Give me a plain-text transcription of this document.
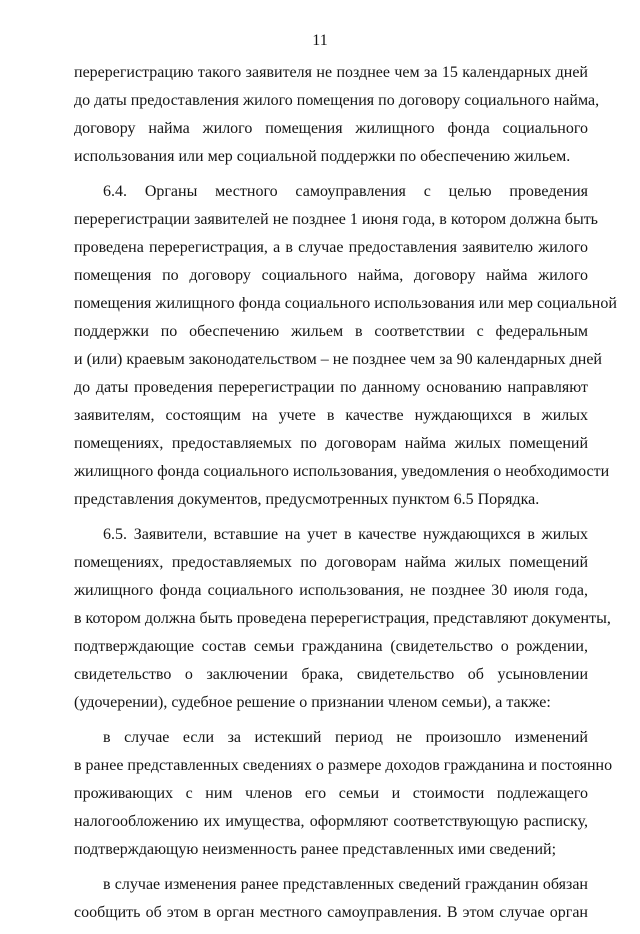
11
перерегистрацию такого заявителя не позднее чем за 15 календарных дней
до даты предоставления жилого помещения по договору социального найма,
договору найма жилого помещения жилищного фонда социального
использования или мер социальной поддержки по обеспечению жильем.
6.4. Органы местного самоуправления с целью проведения
перерегистрации заявителей не позднее 1 июня года, в котором должна быть
проведена перерегистрация, а в случае предоставления заявителю жилого
помещения по договору социального найма, договору найма жилого
помещения жилищного фонда социального использования или мер социальной
поддержки по обеспечению жильем в соответствии с федеральным
и (или) краевым законодательством – не позднее чем за 90 календарных дней
до даты проведения перерегистрации по данному основанию направляют
заявителям, состоящим на учете в качестве нуждающихся в жилых
помещениях, предоставляемых по договорам найма жилых помещений
жилищного фонда социального использования, уведомления о необходимости
представления документов, предусмотренных пунктом 6.5 Порядка.
6.5. Заявители, вставшие на учет в качестве нуждающихся в жилых
помещениях, предоставляемых по договорам найма жилых помещений
жилищного фонда социального использования, не позднее 30 июля года,
в котором должна быть проведена перерегистрация, представляют документы,
подтверждающие состав семьи гражданина (свидетельство о рождении,
свидетельство о заключении брака, свидетельство об усыновлении
(удочерении), судебное решение о признании членом семьи), а также:
в случае если за истекший период не произошло изменений
в ранее представленных сведениях о размере доходов гражданина и постоянно
проживающих с ним членов его семьи и стоимости подлежащего
налогообложению их имущества, оформляют соответствующую расписку,
подтверждающую неизменность ранее представленных ими сведений;
в случае изменения ранее представленных сведений гражданин обязан
сообщить об этом в орган местного самоуправления. В этом случае орган
